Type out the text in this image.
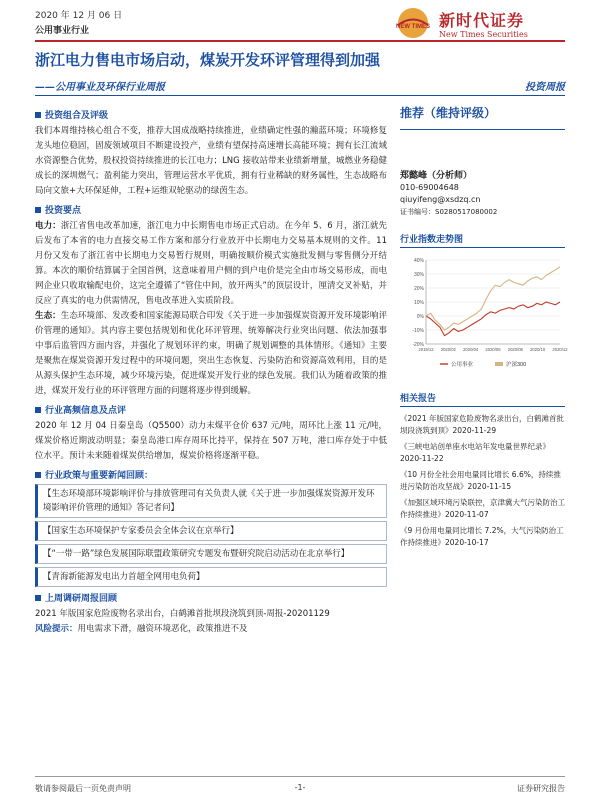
2020 年 12 月 06 日
公用事业行业	NEW TIMES 新时代证券
New Times Securities
浙江电力售电市场启动，煤炭开发环评管理得到加强
——公用事业及环保行业周报	投资周报
投资组合及评级
我们本周维持核心组合不变，推荐大国成战略持续推进，业绩确定性强的瀚蓝环境；环境修复龙头地位稳固，固废领域项目不断建设投产，业绩有望保持高速增长高能环境；拥有长江流域水资源整合优势，股权投资持续推进的长江电力；LNG 接收站带来业绩新增量，城燃业务稳健成长的深圳燃气；盈利能力突出，管理运营水平优质，拥有行业稀缺的财务属性，生态战略布局向文旅+大环保延伸，工程+运维双轮驱动的绿茵生态。
投资要点
电力：浙江省售电改革加速，浙江电力中长期售电市场正式启动。在今年 5、6 月，浙江就先后发布了本省的电力直接交易工作方案和部分行业放开中长期电力交易基本规则的文件。11 月份又发布了浙江省中长期电力交易暂行规则，明确按顺价模式实施批发侧与零售侧分开结算。本次的顺价结算属于全国首例，这意味着用户侧的到户电价是完全由市场交易形成，而电网企业只收取输配电价，这完全遵循了“管住中间，放开两头”的顶层设计，厘清交叉补贴，并反应了真实的电力供需情况，售电改革进入实质阶段。
生态：生态环境部、发改委和国家能源局联合印发《关于进一步加强煤炭资源开发环境影响评价管理的通知》。其内容主要包括规划和优化环评管理、统筹解决行业突出问题、依法加强事中事后监管四方面内容，并强化了规划环评约束，明确了规划调整的具体情形。《通知》主要是聚焦在煤炭资源开发过程中的环境问题，突出生态恢复、污染防治和资源高效利用，目的是从源头保护生态环境，减少环境污染，促进煤炭开发行业的绿色发展。我们认为随着政策的推进，煤炭开发行业的环评管理方面的问题将逐步得到缓解。
行业高频信息及点评
2020 年 12 月 04 日秦皇岛（Q5500）动力末煤平仓价 637 元/吨，周环比上涨 11 元/吨，煤炭价格近期波动明显；秦皇岛港口库存周环比持平，保持在 507 万吨，港口库存处于中低位水平。预计未来随着煤炭供给增加，煤炭价格将逐渐平稳。
行业政策与重要新闻回顾：
【生态环境部环境影响评价与排放管理司有关负责人就《关于进一步加强煤炭资源开发环境影响评价管理的通知》答记者问】
【国家生态环境保护专家委员会全体会议在京举行】
【“一带一路”绿色发展国际联盟政策研究专题发布暨研究院启动活动在北京举行】
【青海新能源发电出力首超全网用电负荷】
上周调研周报回顾
2021 年版国家危险废物名录出台，白鹤滩首批坝段浇筑到顶-周报-20201129
风险提示：用电需求下滑，融资环境恶化，政策推进不及
推荐（维持评级）
郑懿峰（分析师）
010-69004648
qiuyifeng@xsdzq.cn
证书编号：S0280517080002
行业指数走势图
-20%
-10%
0%
10%
20%
30%
40%
2019/12 2020/02 2020/04 2020/06 2020/08 2020/10 2020/12
公用事业	沪深300
相关报告
《2021 年版国家危险废物名录出台，白鹤滩首批坝段浇筑到顶》2020-11-29
《三峡电站创单座水电站年发电量世界纪录》2020-11-22
《10 月份全社会用电量同比增长 6.6%，持续推进污染防治攻坚战》2020-11-15
《加强区域环境污染联控，京津冀大气污染防治工作持续推进》2020-11-07
《9 月份用电量同比增长 7.2%，大气污染防治工作持续推进》2020-10-17
敬请参阅最后一页免责声明	-1-	证券研究报告
